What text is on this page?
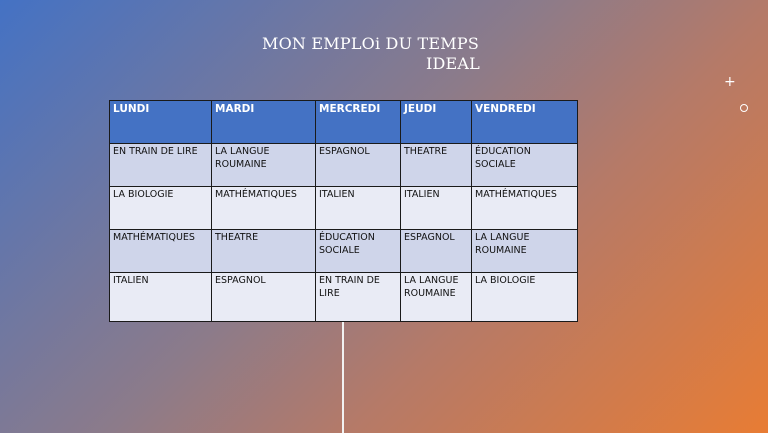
MON EMPLOi DU TEMPS
IDEAL
+
LUNDI	MARDI	MERCREDI	JEUDI	VENDREDI
EN TRAIN DE LIRE	LA LANGUE ROUMAINE	ESPAGNOL	THEATRE	ÉDUCATION SOCIALE
LA BIOLOGIE	MATHÉMATIQUES	ITALIEN	ITALIEN	MATHÉMATIQUES
MATHÉMATIQUES	THEATRE	ÉDUCATION SOCIALE	ESPAGNOL	LA LANGUE ROUMAINE
ITALIEN	ESPAGNOL	EN TRAIN DE LIRE	LA LANGUE ROUMAINE	LA BIOLOGIE
